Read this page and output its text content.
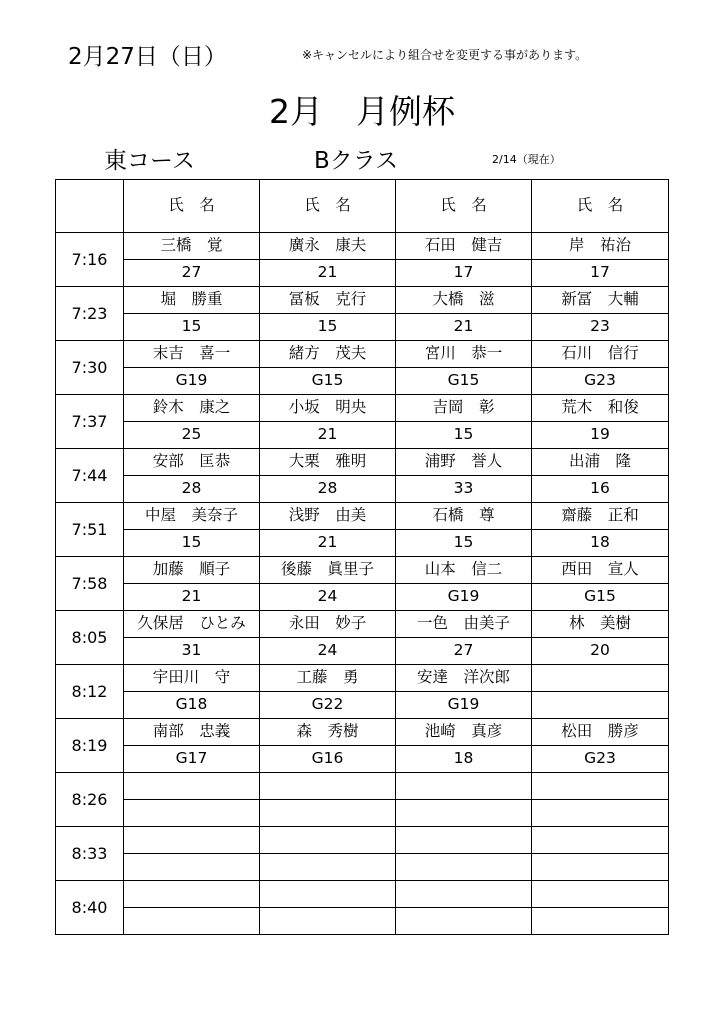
2月27日（日）	※キャンセルにより組合せを変更する事があります。
2月　月例杯
東コース	Bクラス	2/14（現在）
	氏　名	氏　名	氏　名	氏　名
7:16	三橋　覚	廣永　康夫	石田　健吉	岸　祐治
	27	21	17	17
7:23	堀　勝重	冨板　克行	大橋　滋	新冨　大輔
	15	15	21	23
7:30	末吉　喜一	緒方　茂夫	宮川　恭一	石川　信行
	G19	G15	G15	G23
7:37	鈴木　康之	小坂　明央	吉岡　彰	荒木　和俊
	25	21	15	19
7:44	安部　匡恭	大栗　雅明	浦野　誉人	出浦　隆
	28	28	33	16
7:51	中屋　美奈子	浅野　由美	石橋　尊	齋藤　正和
	15	21	15	18
7:58	加藤　順子	後藤　眞里子	山本　信二	西田　宣人
	21	24	G19	G15
8:05	久保居　ひとみ	永田　妙子	一色　由美子	林　美樹
	31	24	27	20
8:12	宇田川　守	工藤　勇	安達　洋次郎	
	G18	G22	G19	
8:19	南部　忠義	森　秀樹	池崎　真彦	松田　勝彦
	G17	G16	18	G23
8:26				

8:33				

8:40				
